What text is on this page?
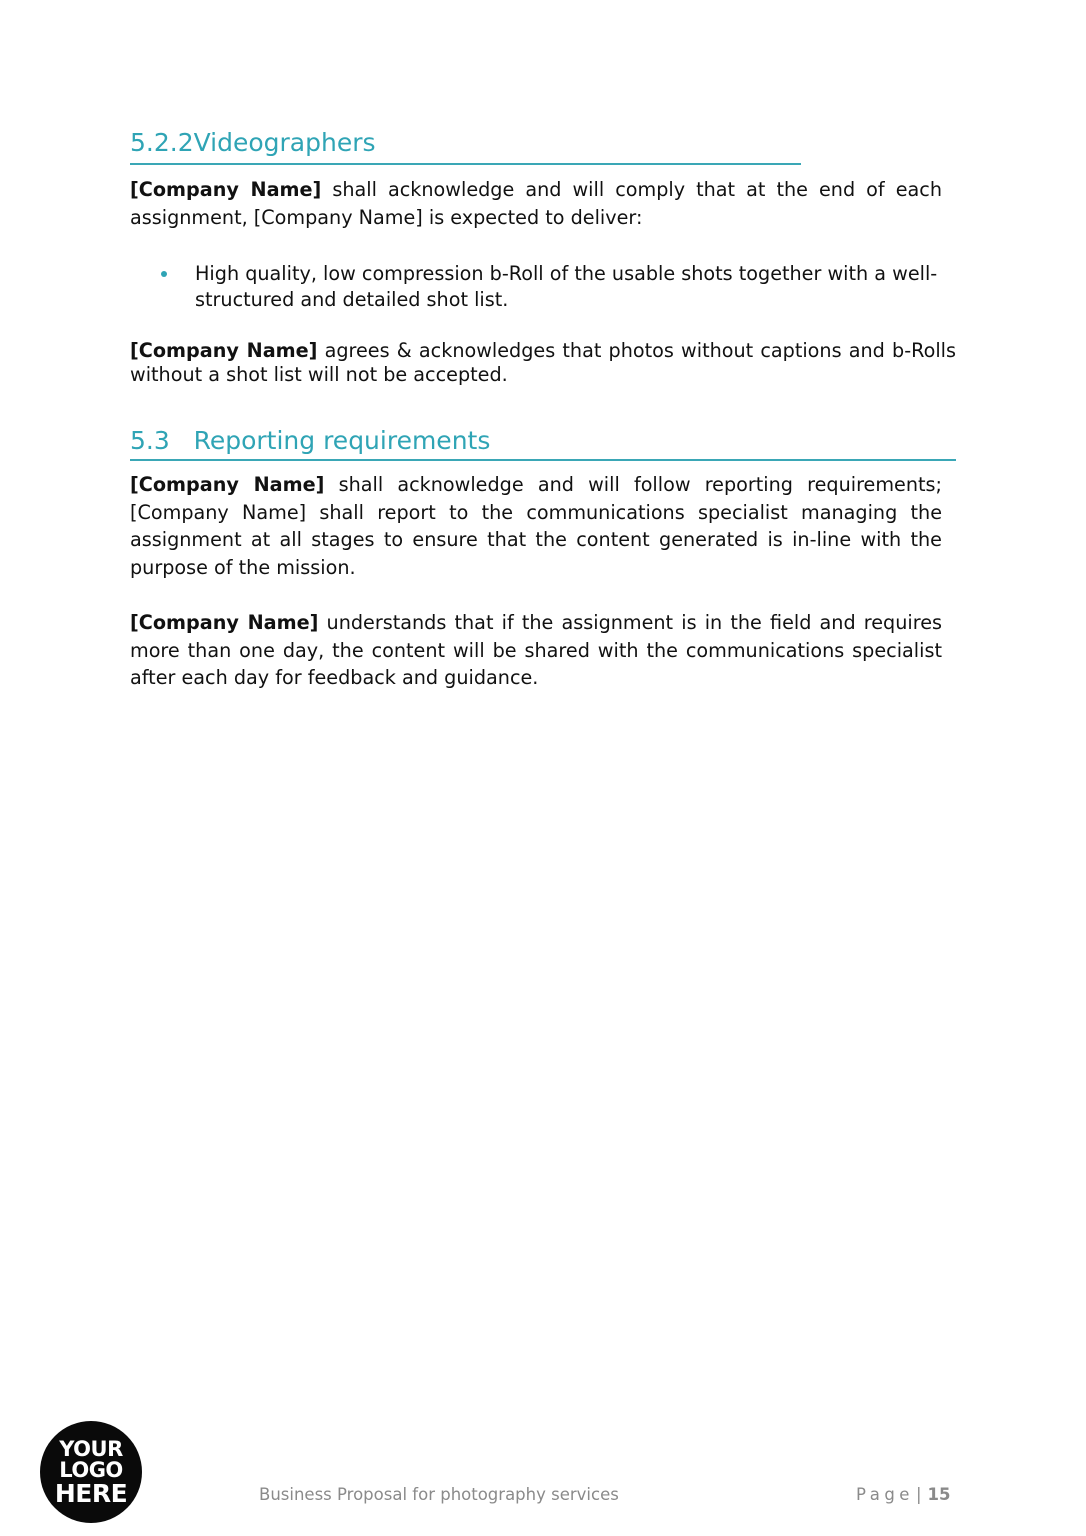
5.2.2Videographers

[Company Name] shall acknowledge and will comply that at the end of each assignment, [Company Name] is expected to deliver:

High quality, low compression b-Roll of the usable shots together with a well-structured and detailed shot list.

[Company Name] agrees & acknowledges that photos without captions and b-Rolls without a shot list will not be accepted.

5.3   Reporting requirements

[Company Name] shall acknowledge and will follow reporting requirements; [Company Name] shall report to the communications specialist managing the assignment at all stages to ensure that the content generated is in-line with the purpose of the mission.

[Company Name] understands that if the assignment is in the field and requires more than one day, the content will be shared with the communications specialist after each day for feedback and guidance.

YOUR
LOGO
HERE	Business Proposal for photography services	Page | 15
